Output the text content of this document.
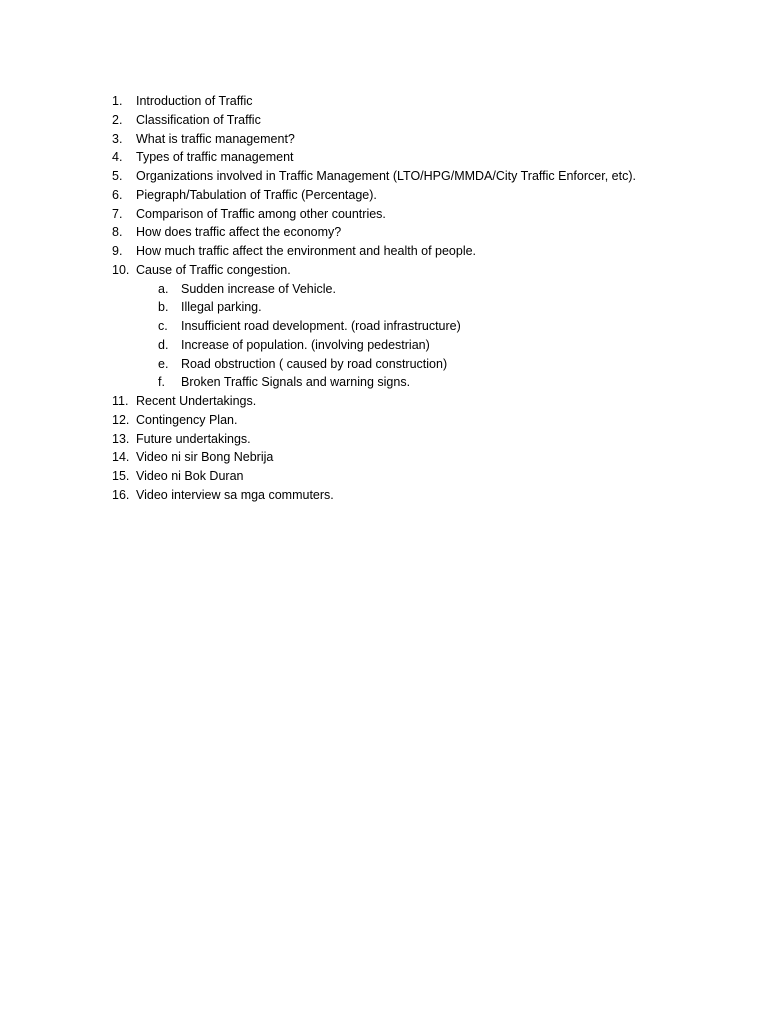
1. Introduction of Traffic
2. Classification of Traffic
3. What is traffic management?
4. Types of traffic management
5. Organizations involved in Traffic Management (LTO/HPG/MMDA/City Traffic Enforcer, etc).
6. Piegraph/Tabulation of Traffic (Percentage).
7. Comparison of Traffic among other countries.
8. How does traffic affect the economy?
9. How much traffic affect the environment and health of people.
10. Cause of Traffic congestion.
a. Sudden increase of Vehicle.
b. Illegal parking.
c. Insufficient road development. (road infrastructure)
d. Increase of population. (involving pedestrian)
e. Road obstruction ( caused by road construction)
f. Broken Traffic Signals and warning signs.
11. Recent Undertakings.
12. Contingency Plan.
13. Future undertakings.
14. Video ni sir Bong Nebrija
15. Video ni Bok Duran
16. Video interview sa mga commuters.
